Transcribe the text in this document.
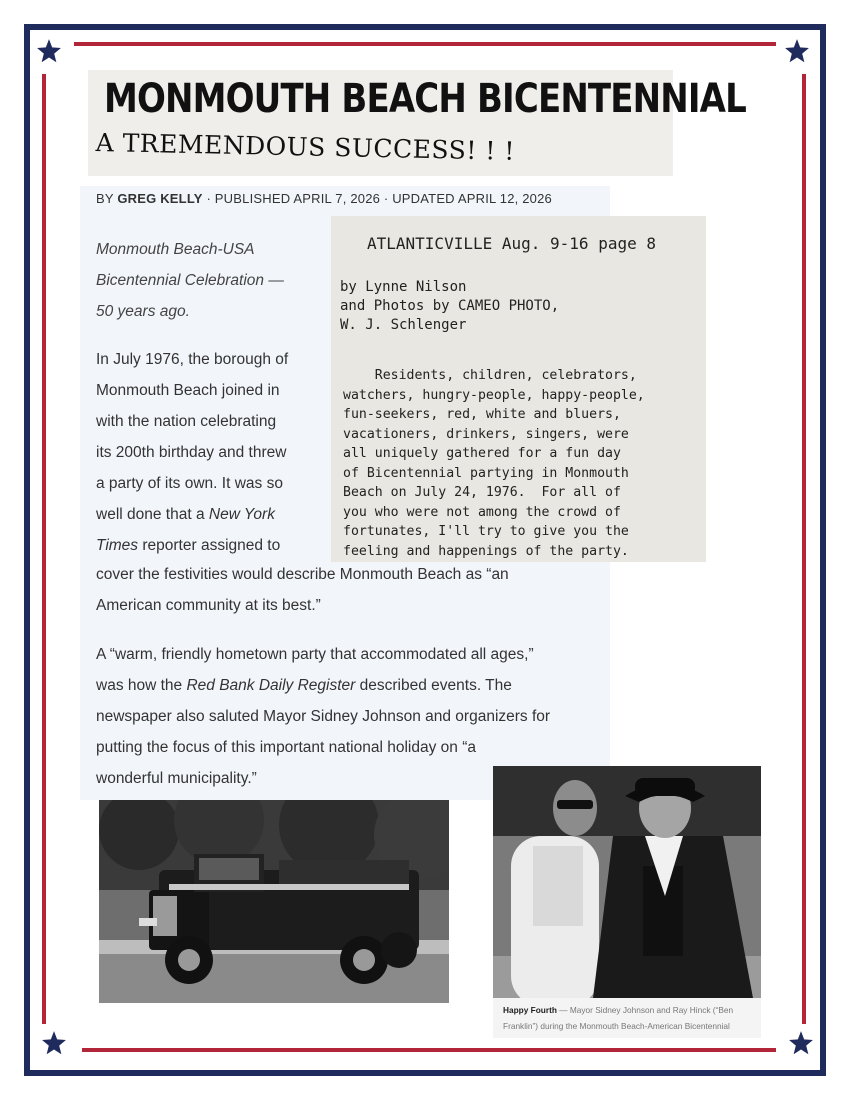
MONMOUTH BEACH BICENTENNIAL
A TREMENDOUS SUCCESS! ! !
BY GREG KELLY · PUBLISHED APRIL 7, 2026 · UPDATED APRIL 12, 2026
Monmouth Beach-USA
Bicentennial Celebration —
50 years ago.
In July 1976, the borough of
Monmouth Beach joined in
with the nation celebrating
its 200th birthday and threw
a party of its own. It was so
well done that a New York
Times reporter assigned to
cover the festivities would describe Monmouth Beach as “an
American community at its best.”
A “warm, friendly hometown party that accommodated all ages,”
was how the Red Bank Daily Register described events. The
newspaper also saluted Mayor Sidney Johnson and organizers for
putting the focus of this important national holiday on “a
wonderful municipality.”
ATLANTICVILLE Aug. 9-16 page 8
by Lynne Nilson
and Photos by CAMEO PHOTO,
W. J. Schlenger
Residents, children, celebrators,
watchers, hungry-people, happy-people,
fun-seekers, red, white and bluers,
vacationers, drinkers, singers, were
all uniquely gathered for a fun day
of Bicentennial partying in Monmouth
Beach on July 24, 1976.  For all of
you who were not among the crowd of
fortunates, I'll try to give you the
feeling and happenings of the party.
Happy Fourth — Mayor Sidney Johnson and Ray Hinck (“Ben Franklin”) during the Monmouth Beach-American Bicentennial
